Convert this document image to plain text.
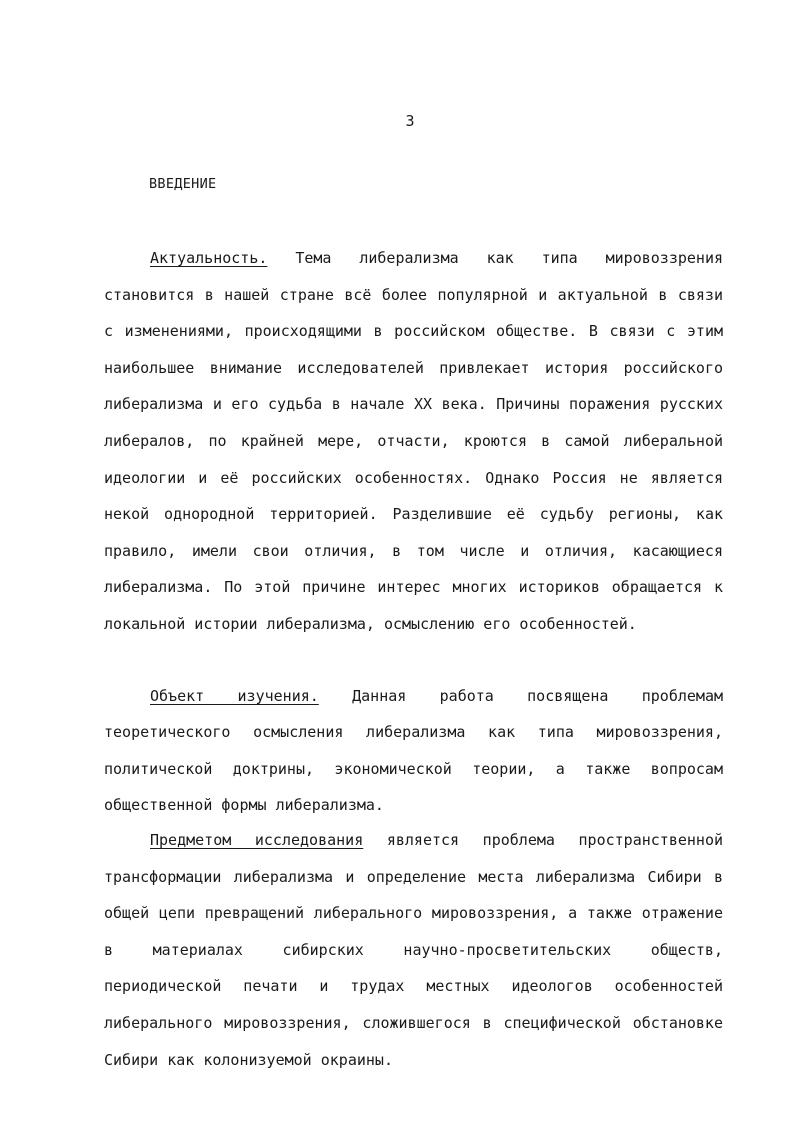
3
ВВЕДЕНИЕ

Актуальность. Тема либерализма как типа мировоззрения становится в нашей стране всё более популярной и актуальной в связи с изменениями, происходящими в российском обществе. В связи с этим наибольшее внимание исследователей привлекает история российского либерализма и его судьба в начале XX века. Причины поражения русских либералов, по крайней мере, отчасти, кроются в самой либеральной идеологии и её российских особенностях. Однако Россия не является некой однородной территорией. Разделившие её судьбу регионы, как правило, имели свои отличия, в том числе и отличия, касающиеся либерализма. По этой причине интерес многих историков обращается к локальной истории либерализма, осмыслению его особенностей.

Объект изучения. Данная работа посвящена проблемам теоретического осмысления либерализма как типа мировоззрения, политической доктрины, экономической теории, а также вопросам общественной формы либерализма.

Предметом исследования является проблема пространственной трансформации либерализма и определение места либерализма Сибири в общей цепи превращений либерального мировоззрения, а также отражение в материалах сибирских научно-просветительских обществ, периодической печати и трудах местных идеологов особенностей либерального мировоззрения, сложившегося в специфической обстановке Сибири как колонизуемой окраины.
